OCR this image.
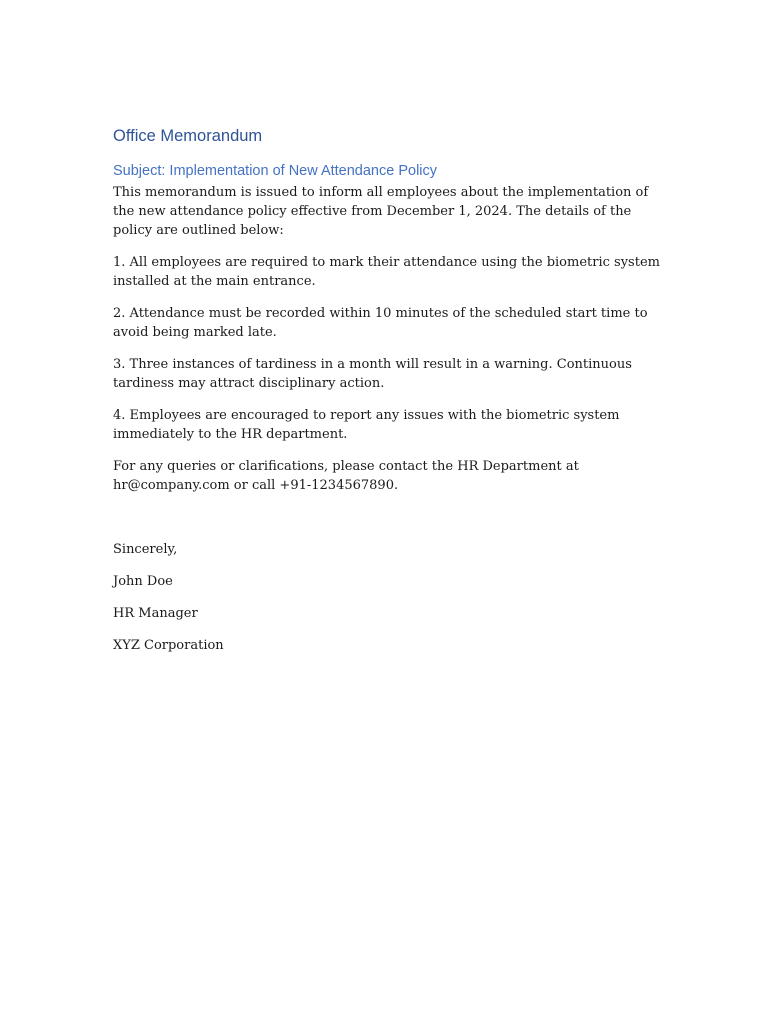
Office Memorandum
Subject: Implementation of New Attendance Policy

This memorandum is issued to inform all employees about the implementation of the new attendance policy effective from December 1, 2024. The details of the policy are outlined below:

1. All employees are required to mark their attendance using the biometric system installed at the main entrance.

2. Attendance must be recorded within 10 minutes of the scheduled start time to avoid being marked late.

3. Three instances of tardiness in a month will result in a warning. Continuous tardiness may attract disciplinary action.

4. Employees are encouraged to report any issues with the biometric system immediately to the HR department.

For any queries or clarifications, please contact the HR Department at hr@company.com or call +91-1234567890.

Sincerely,

John Doe

HR Manager

XYZ Corporation
